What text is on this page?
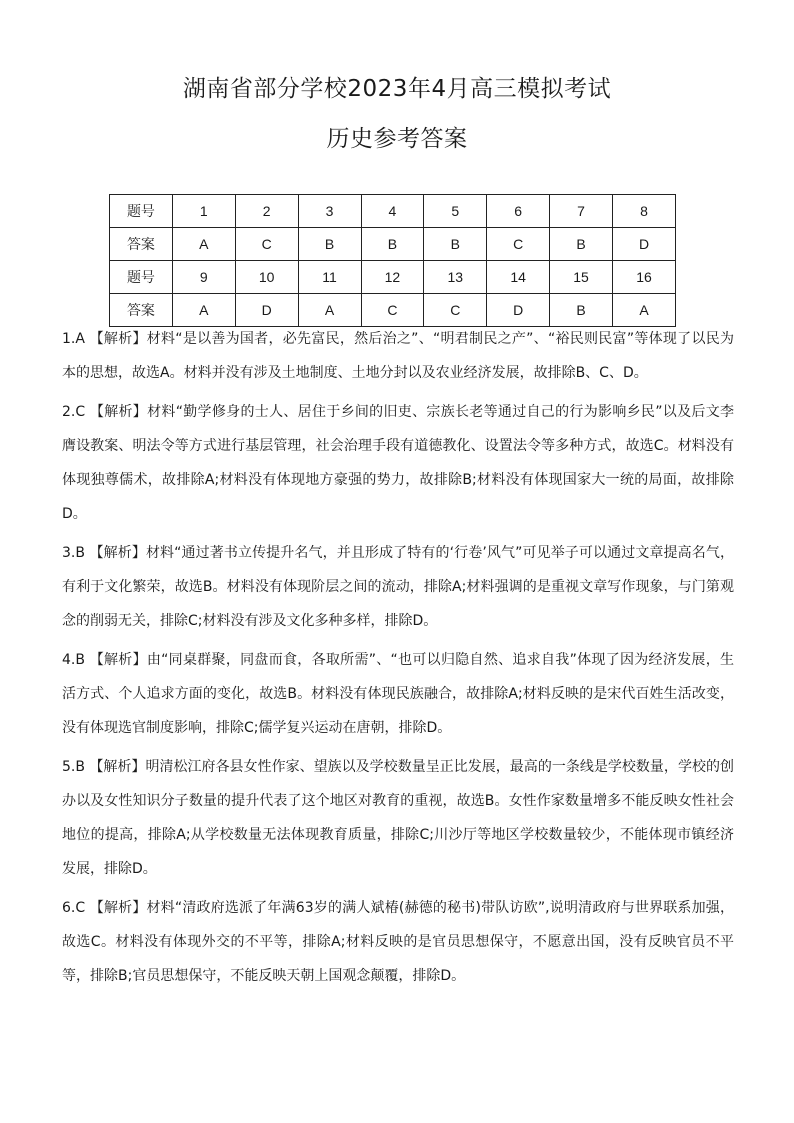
湖南省部分学校2023年4月高三模拟考试
历史参考答案
题号	1	2	3	4	5	6	7	8
答案	A	C	B	B	B	C	B	D
题号	9	10	11	12	13	14	15	16
答案	A	D	A	C	C	D	B	A

1.A 【解析】材料“是以善为国者，必先富民，然后治之”、“明君制民之产”、“裕民则民富”等体现了以民为本的思想，故选A。材料并没有涉及土地制度、土地分封以及农业经济发展，故排除B、C、D。

2.C 【解析】材料“勤学修身的士人、居住于乡间的旧吏、宗族长老等通过自己的行为影响乡民”以及后文李膺设教案、明法令等方式进行基层管理，社会治理手段有道德教化、设置法令等多种方式，故选C。材料没有体现独尊儒术，故排除A;材料没有体现地方豪强的势力，故排除B;材料没有体现国家大一统的局面，故排除D。

3.B 【解析】材料“通过著书立传提升名气，并且形成了特有的‘行卷’风气”可见举子可以通过文章提高名气，有利于文化繁荣，故选B。材料没有体现阶层之间的流动，排除A;材料强调的是重视文章写作现象，与门第观念的削弱无关，排除C;材料没有涉及文化多种多样，排除D。

4.B 【解析】由“同桌群聚，同盘而食，各取所需”、“也可以归隐自然、追求自我”体现了因为经济发展，生活方式、个人追求方面的变化，故选B。材料没有体现民族融合，故排除A;材料反映的是宋代百姓生活改变，没有体现选官制度影响，排除C;儒学复兴运动在唐朝，排除D。

5.B 【解析】明清松江府各县女性作家、望族以及学校数量呈正比发展，最高的一条线是学校数量，学校的创办以及女性知识分子数量的提升代表了这个地区对教育的重视，故选B。女性作家数量增多不能反映女性社会地位的提高，排除A;从学校数量无法体现教育质量，排除C;川沙厅等地区学校数量较少，不能体现市镇经济发展，排除D。

6.C 【解析】材料“清政府选派了年满63岁的满人斌椿(赫德的秘书)带队访欧”,说明清政府与世界联系加强，故选C。材料没有体现外交的不平等，排除A;材料反映的是官员思想保守，不愿意出国，没有反映官员不平等，排除B;官员思想保守，不能反映天朝上国观念颠覆，排除D。
